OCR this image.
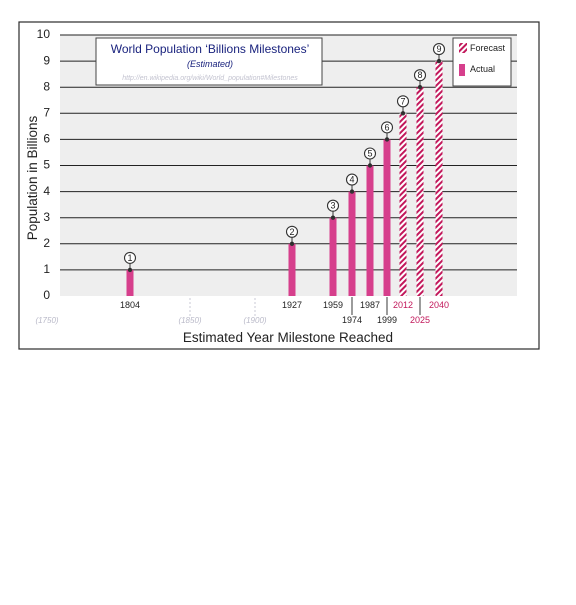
0
1
2
3
4
5
6
7
8
9
10
1
2
3
4
5
6
7
8
9
(1750)	(1850)	(1900)
1804	1927 1959
1974
1987
1999
2012
2025
2040
Population in Billions
Estimated Year Milestone Reached
World Population ‘Billions Milestones’
(Estimated)
http://en.wikipedia.org/wiki/World_population#Milestones
Forecast
Actual
